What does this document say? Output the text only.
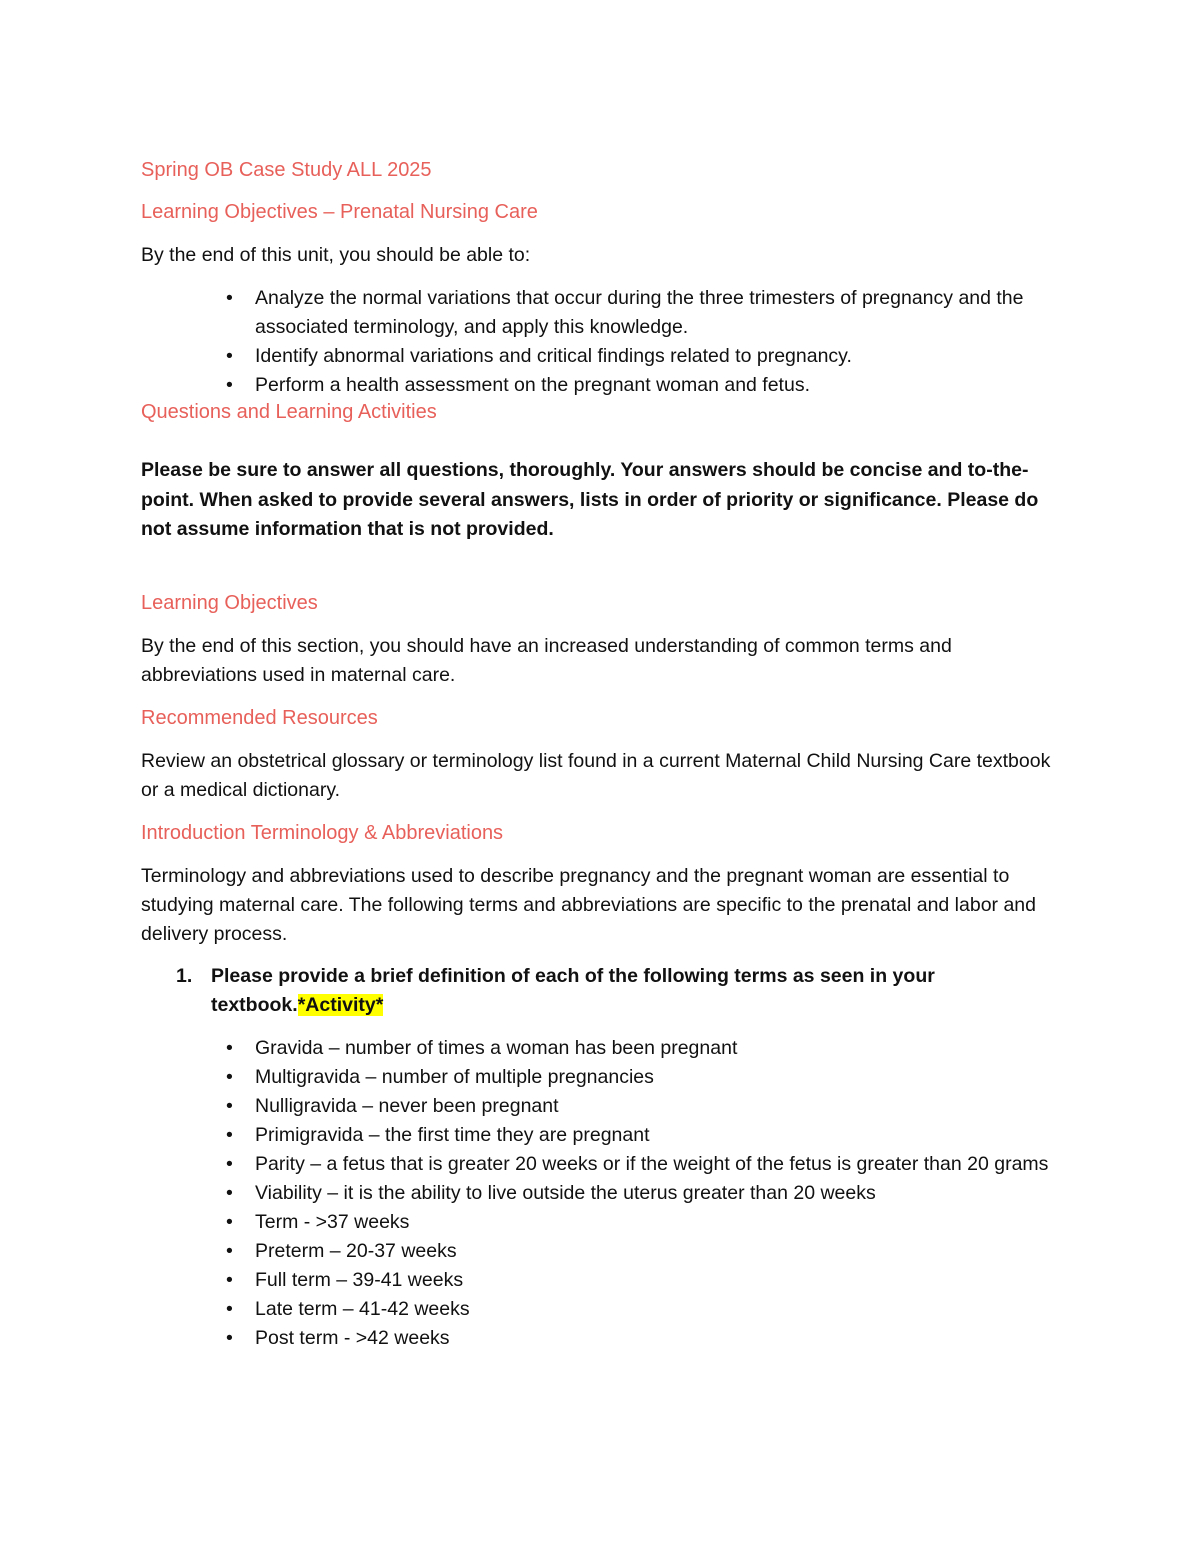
Spring OB Case Study ALL 2025
Learning Objectives – Prenatal Nursing Care

By the end of this unit, you should be able to:

• Analyze the normal variations that occur during the three trimesters of pregnancy and the associated terminology, and apply this knowledge.
• Identify abnormal variations and critical findings related to pregnancy.
• Perform a health assessment on the pregnant woman and fetus.
Questions and Learning Activities

Please be sure to answer all questions, thoroughly. Your answers should be concise and to-the-point. When asked to provide several answers, lists in order of priority or significance. Please do not assume information that is not provided.

Learning Objectives

By the end of this section, you should have an increased understanding of common terms and abbreviations used in maternal care.

Recommended Resources

Review an obstetrical glossary or terminology list found in a current Maternal Child Nursing Care textbook or a medical dictionary.

Introduction Terminology & Abbreviations

Terminology and abbreviations used to describe pregnancy and the pregnant woman are essential to studying maternal care. The following terms and abbreviations are specific to the prenatal and labor and delivery process.

1. Please provide a brief definition of each of the following terms as seen in your textbook.*Activity*
• Gravida – number of times a woman has been pregnant
• Multigravida – number of multiple pregnancies
• Nulligravida – never been pregnant
• Primigravida – the first time they are pregnant
• Parity – a fetus that is greater 20 weeks or if the weight of the fetus is greater than 20 grams
• Viability – it is the ability to live outside the uterus greater than 20 weeks
• Term - >37 weeks
• Preterm – 20-37 weeks
• Full term – 39-41 weeks
• Late term – 41-42 weeks
• Post term - >42 weeks
